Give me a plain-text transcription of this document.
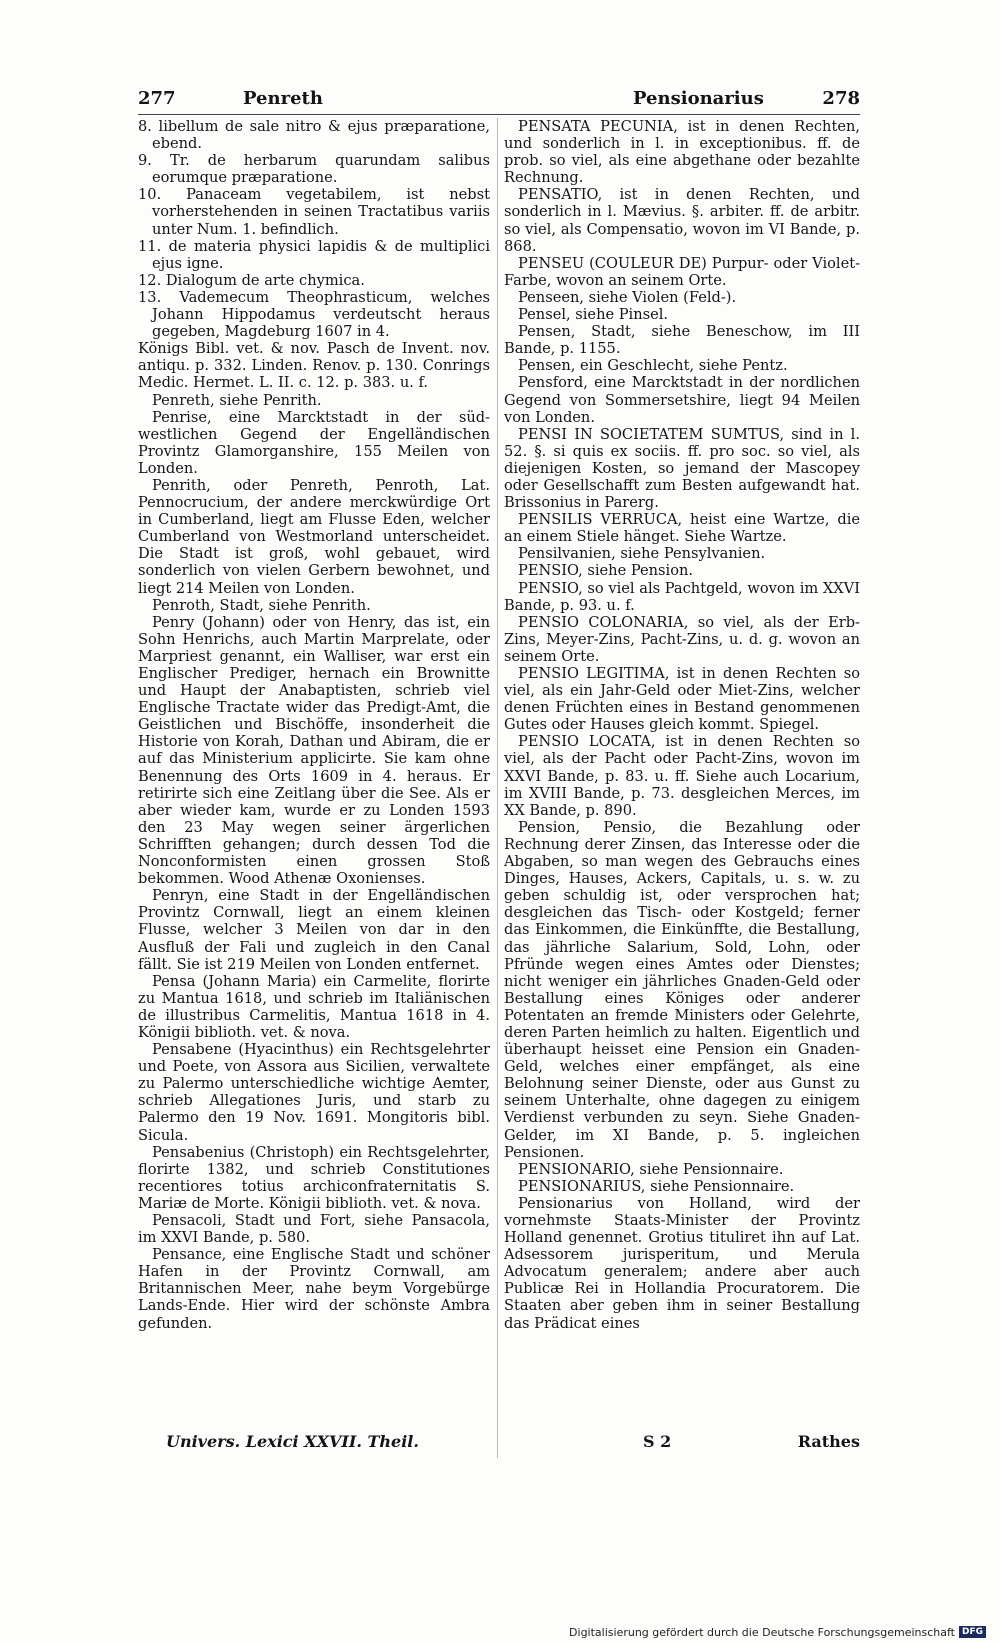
277	Penreth	Pensionarius	278

8. libellum de sale nitro & ejus præparatione, ebend.

9. Tr. de herbarum quarundam salibus eorumque præparatione.

10. Panaceam vegetabilem, ist nebst vorherstehenden in seinen Tractatibus variis unter Num. 1. befindlich.

11. de materia physici lapidis & de multiplici ejus igne.

12. Dialogum de arte chymica.

13. Vademecum Theophrasticum, welches Johann Hippodamus verdeutscht heraus gegeben, Magdeburg 1607 in 4.

Königs Bibl. vet. & nov. Pasch de Invent. nov. antiqu. p. 332. Linden. Renov. p. 130. Conrings Medic. Hermet. L. II. c. 12. p. 383. u. f.

Penreth, siehe Penrith.

Penrise, eine Marcktstadt in der süd-westlichen Gegend der Engelländischen Provintz Glamorganshire, 155 Meilen von Londen.

Penrith, oder Penreth, Penroth, Lat. Pennocrucium, der andere merckwürdige Ort in Cumberland, liegt am Flusse Eden, welcher Cumberland von Westmorland unterscheidet. Die Stadt ist groß, wohl gebauet, wird sonderlich von vielen Gerbern bewohnet, und liegt 214 Meilen von Londen.

Penroth, Stadt, siehe Penrith.

Penry (Johann) oder von Henry, das ist, ein Sohn Henrichs, auch Martin Marprelate, oder Marpriest genannt, ein Walliser, war erst ein Englischer Prediger, hernach ein Brownitte und Haupt der Anabaptisten, schrieb viel Englische Tractate wider das Predigt-Amt, die Geistlichen und Bischöffe, insonderheit die Historie von Korah, Dathan und Abiram, die er auf das Ministerium applicirte. Sie kam ohne Benennung des Orts 1609 in 4. heraus. Er retirirte sich eine Zeitlang über die See. Als er aber wieder kam, wurde er zu Londen 1593 den 23 May wegen seiner ärgerlichen Schrifften gehangen; durch dessen Tod die Nonconformisten einen grossen Stoß bekommen. Wood Athenæ Oxonienses.

Penryn, eine Stadt in der Engelländischen Provintz Cornwall, liegt an einem kleinen Flusse, welcher 3 Meilen von dar in den Ausfluß der Fali und zugleich in den Canal fällt. Sie ist 219 Meilen von Londen entfernet.

Pensa (Johann Maria) ein Carmelite, florirte zu Mantua 1618, und schrieb im Italiänischen de illustribus Carmelitis, Mantua 1618 in 4. Königii biblioth. vet. & nova.

Pensabene (Hyacinthus) ein Rechtsgelehrter und Poete, von Assora aus Sicilien, verwaltete zu Palermo unterschiedliche wichtige Aemter, schrieb Allegationes Juris, und starb zu Palermo den 19 Nov. 1691. Mongitoris bibl. Sicula.

Pensabenius (Christoph) ein Rechtsgelehrter, florirte 1382, und schrieb Constitutiones recentiores totius archiconfraternitatis S. Mariæ de Morte. Königii biblioth. vet. & nova.

Pensacoli, Stadt und Fort, siehe Pansacola, im XXVI Bande, p. 580.

Pensance, eine Englische Stadt und schöner Hafen in der Provintz Cornwall, am Britannischen Meer, nahe beym Vorgebürge Lands-Ende. Hier wird der schönste Ambra gefunden.

PENSATA PECUNIA, ist in denen Rechten, und sonderlich in l. in exceptionibus. ff. de prob. so viel, als eine abgethane oder bezahlte Rechnung.

PENSATIO, ist in denen Rechten, und sonderlich in l. Mævius. §. arbiter. ff. de arbitr. so viel, als Compensatio, wovon im VI Bande, p. 868.

PENSEU (COULEUR DE) Purpur- oder Violet-Farbe, wovon an seinem Orte.

Penseen, siehe Violen (Feld-).

Pensel, siehe Pinsel.

Pensen, Stadt, siehe Beneschow, im III Bande, p. 1155.

Pensen, ein Geschlecht, siehe Pentz.

Pensford, eine Marcktstadt in der nordlichen Gegend von Sommersetshire, liegt 94 Meilen von Londen.

PENSI IN SOCIETATEM SUMTUS, sind in l. 52. §. si quis ex sociis. ff. pro soc. so viel, als diejenigen Kosten, so jemand der Mascopey oder Gesellschafft zum Besten aufgewandt hat. Brissonius in Parerg.

PENSILIS VERRUCA, heist eine Wartze, die an einem Stiele hänget. Siehe Wartze.

Pensilvanien, siehe Pensylvanien.

PENSIO, siehe Pension.

PENSIO, so viel als Pachtgeld, wovon im XXVI Bande, p. 93. u. f.

PENSIO COLONARIA, so viel, als der Erb-Zins, Meyer-Zins, Pacht-Zins, u. d. g. wovon an seinem Orte.

PENSIO LEGITIMA, ist in denen Rechten so viel, als ein Jahr-Geld oder Miet-Zins, welcher denen Früchten eines in Bestand genommenen Gutes oder Hauses gleich kommt. Spiegel.

PENSIO LOCATA, ist in denen Rechten so viel, als der Pacht oder Pacht-Zins, wovon im XXVI Bande, p. 83. u. ff. Siehe auch Locarium, im XVIII Bande, p. 73. desgleichen Merces, im XX Bande, p. 890.

Pension, Pensio, die Bezahlung oder Rechnung derer Zinsen, das Interesse oder die Abgaben, so man wegen des Gebrauchs eines Dinges, Hauses, Ackers, Capitals, u. s. w. zu geben schuldig ist, oder versprochen hat; desgleichen das Tisch- oder Kostgeld; ferner das Einkommen, die Einkünffte, die Bestallung, das jährliche Salarium, Sold, Lohn, oder Pfründe wegen eines Amtes oder Dienstes; nicht weniger ein jährliches Gnaden-Geld oder Bestallung eines Königes oder anderer Potentaten an fremde Ministers oder Gelehrte, deren Parten heimlich zu halten. Eigentlich und überhaupt heisset eine Pension ein Gnaden-Geld, welches einer empfänget, als eine Belohnung seiner Dienste, oder aus Gunst zu seinem Unterhalte, ohne dagegen zu einigem Verdienst verbunden zu seyn. Siehe Gnaden-Gelder, im XI Bande, p. 5. ingleichen Pensionen.

PENSIONARIO, siehe Pensionnaire.

PENSIONARIUS, siehe Pensionnaire.

Pensionarius von Holland, wird der vornehmste Staats-Minister der Provintz Holland genennet. Grotius tituliret ihn auf Lat. Adsessorem jurisperitum, und Merula Advocatum generalem; andere aber auch Publicæ Rei in Hollandia Procuratorem. Die Staaten aber geben ihm in seiner Bestallung das Prädicat eines

Univers. Lexici XXVII. Theil.	S 2	Rathes
Digitalisierung gefördert durch die Deutsche Forschungsgemeinschaft DFG
